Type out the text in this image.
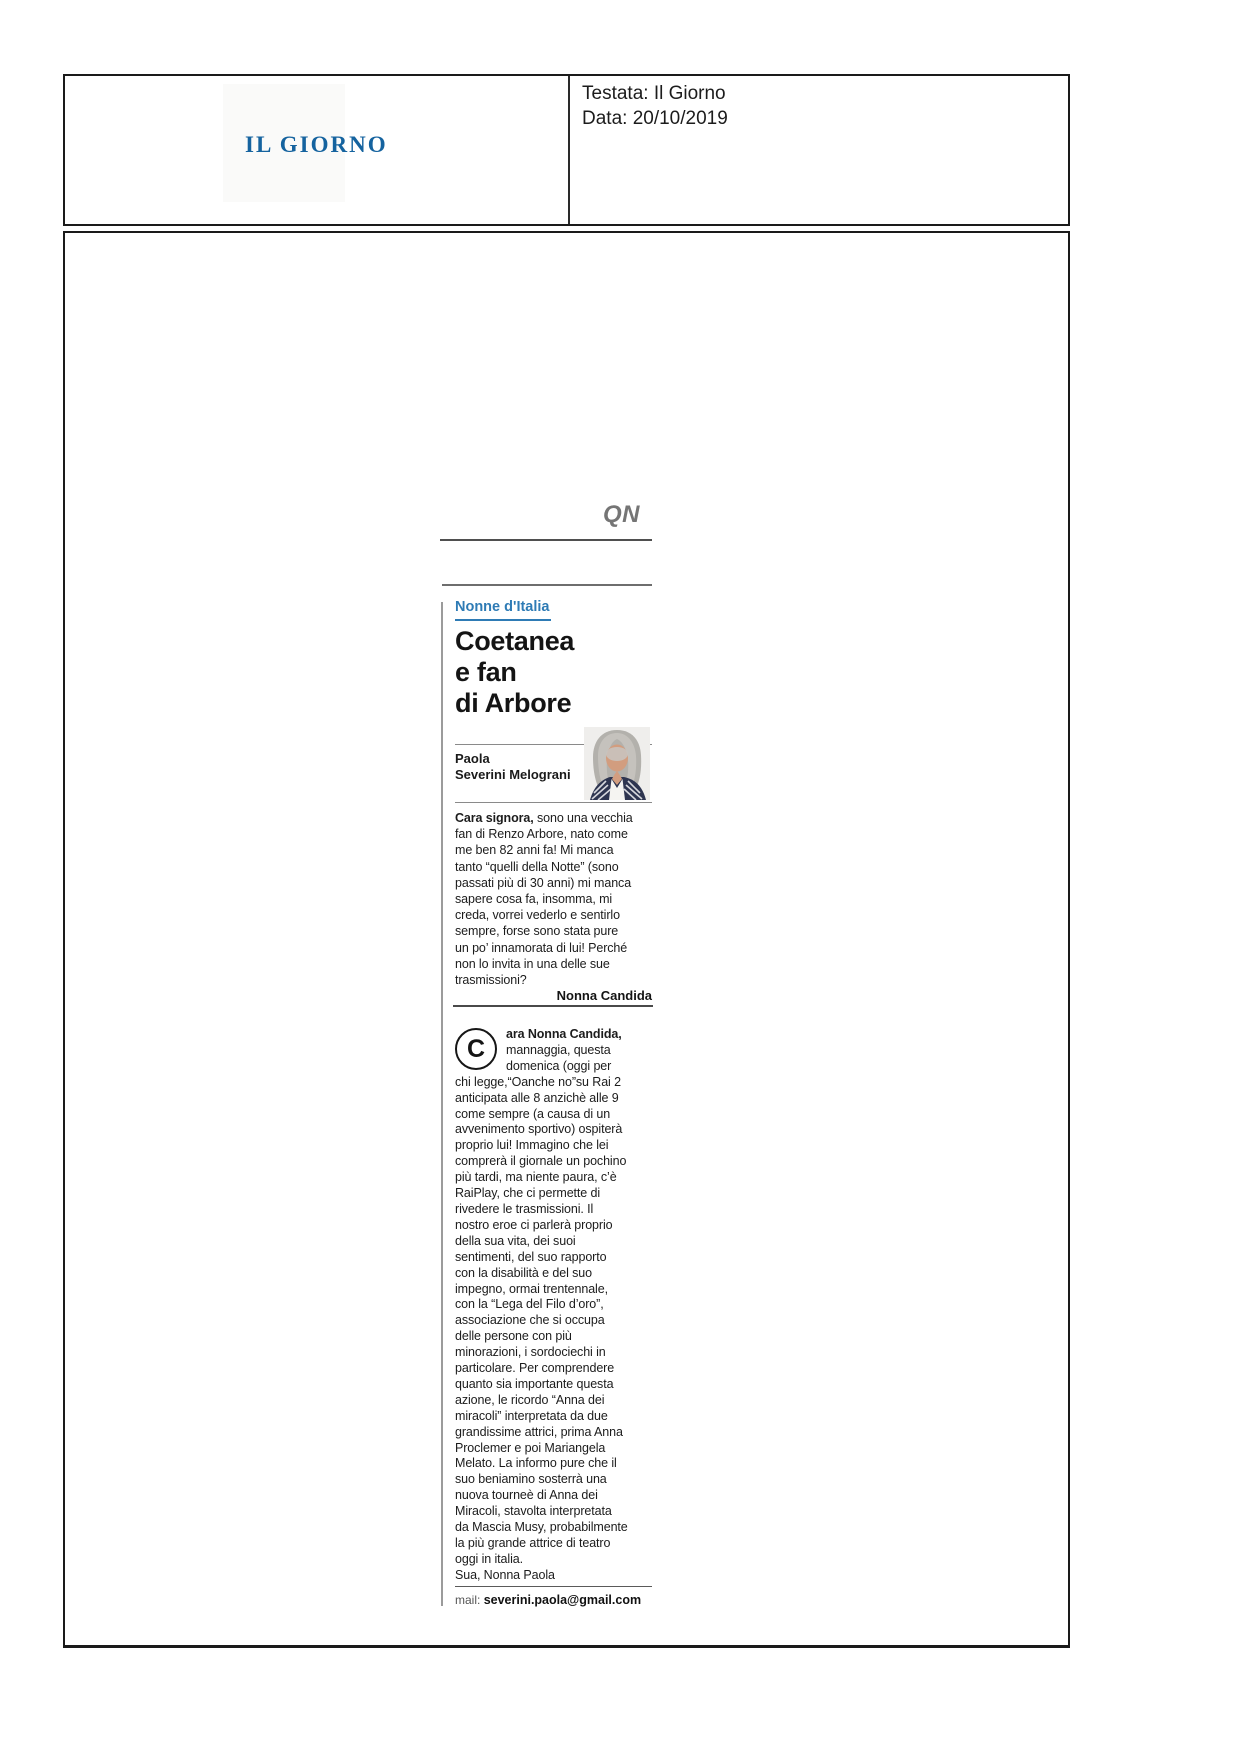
IL GIORNO
Testata: Il Giorno
Data: 20/10/2019
QN
Nonne d'Italia
Coetanea
e fan
di Arbore
Paola
Severini Melograni

Cara signora, sono una vecchia
fan di Renzo Arbore, nato come
me ben 82 anni fa! Mi manca
tanto “quelli della Notte” (sono
passati più di 30 anni) mi manca
sapere cosa fa, insomma, mi
creda, vorrei vederlo e sentirlo
sempre, forse sono stata pure
un po’ innamorata di lui! Perché
non lo invita in una delle sue
trasmissioni?

Nonna Candida

C
ara Nonna Candida,
mannaggia, questa
domenica (oggi per
chi legge,“Oanche no”su Rai 2
anticipata alle 8 anzichè alle 9
come sempre (a causa di un
avvenimento sportivo) ospiterà
proprio lui! Immagino che lei
comprerà il giornale un pochino
più tardi, ma niente paura, c’è
RaiPlay, che ci permette di
rivedere le trasmissioni. Il
nostro eroe ci parlerà proprio
della sua vita, dei suoi
sentimenti, del suo rapporto
con la disabilità e del suo
impegno, ormai trentennale,
con la “Lega del Filo d’oro”,
associazione che si occupa
delle persone con più
minorazioni, i sordociechi in
particolare. Per comprendere
quanto sia importante questa
azione, le ricordo “Anna dei
miracoli” interpretata da due
grandissime attrici, prima Anna
Proclemer e poi Mariangela
Melato. La informo pure che il
suo beniamino sosterrà una
nuova tourneè di Anna dei
Miracoli, stavolta interpretata
da Mascia Musy, probabilmente
la più grande attrice di teatro
oggi in italia.
Sua, Nonna Paola

mail: severini.paola@gmail.com
